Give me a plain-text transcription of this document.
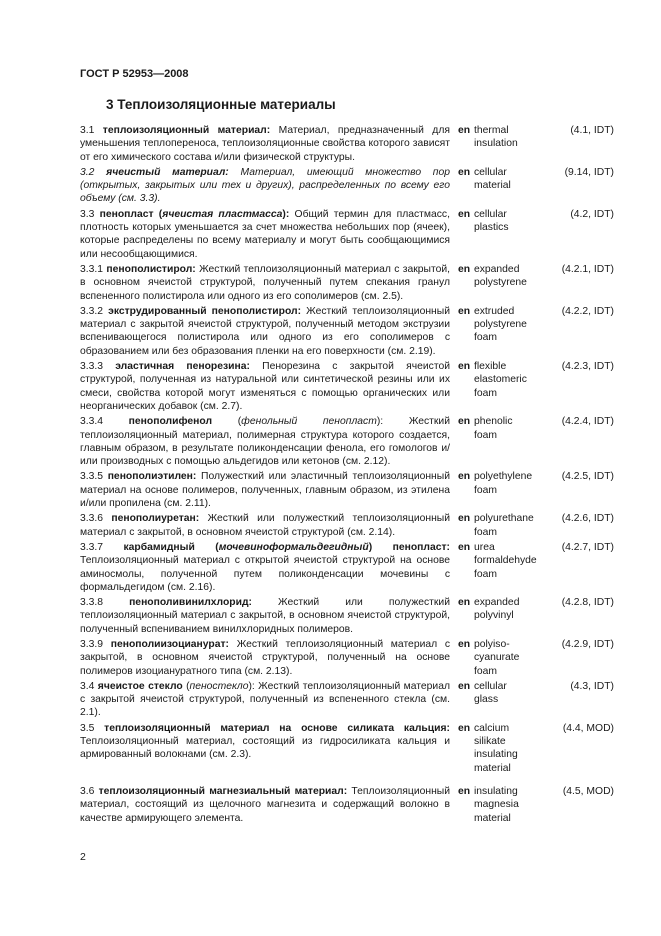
ГОСТ Р 52953—2008
3 Теплоизоляционные материалы
3.1 теплоизоляционный материал: Материал, предназначенный для уменьшения теплопереноса, теплоизоляционные свойства которого зависят от его химического состава и/или физической структуры.
en thermal
insulation
(4.1, IDT)
3.2 ячеистый материал: Материал, имеющий множество пор (открытых, закрытых или тех и других), распределенных по всему его объему (см. 3.3).
en cellular
material
(9.14, IDT)
3.3 пенопласт (ячеистая пластмасса): Общий термин для пластмасс, плотность которых уменьшается за счет множества небольших пор (ячеек), которые распределены по всему материалу и могут быть сообщающимися или несообщающимися.
en cellular
plastics
(4.2, IDT)
3.3.1 пенополистирол: Жесткий теплоизоляционный материал с закрытой, в основном ячеистой структурой, полученный путем спекания гранул вспененного полистирола или одного из его сополимеров (см. 2.5).
en expanded
polystyrene
(4.2.1, IDT)
3.3.2 экструдированный пенополистирол: Жесткий теплоизоляционный материал с закрытой ячеистой структурой, полученный методом экструзии вспенивающегося полистирола или одного из его сополимеров с образованием или без образования пленки на его поверхности (см. 2.19).
en extruded
polystyrene
foam
(4.2.2, IDT)
3.3.3 эластичная пенорезина: Пенорезина с закрытой ячеистой структурой, полученная из натуральной или синтетической резины или их смеси, свойства которой могут изменяться с помощью органических или неорганических добавок (см. 2.7).
en flexible
elastomeric
foam
(4.2.3, IDT)
3.3.4 пенополифенол (фенольный пенопласт): Жесткий теплоизоляционный материал, полимерная структура которого создается, главным образом, в результате поликонденсации фенола, его гомологов и/или производных с помощью альдегидов или кетонов (см. 2.12).
en phenolic
foam
(4.2.4, IDT)
3.3.5 пенополиэтилен: Полужесткий или эластичный теплоизоляционный материал на основе полимеров, полученных, главным образом, из этилена и/или пропилена (см. 2.11).
en polyethylene
foam
(4.2.5, IDT)
3.3.6 пенополиуретан: Жесткий или полужесткий теплоизоляционный материал с закрытой, в основном ячеистой структурой (см. 2.14).
en polyurethane
foam
(4.2.6, IDT)
3.3.7 карбамидный (мочевиноформальдегидный) пенопласт: Теплоизоляционный материал с открытой ячеистой структурой на основе аминосмолы, полученной путем поликонденсации мочевины с формальдегидом (см. 2.16).
en urea
formaldehyde
foam
(4.2.7, IDT)
3.3.8 пенополивинилхлорид: Жесткий или полужесткий теплоизоляционный материал с закрытой, в основном ячеистой структурой, полученный вспениванием винилхлоридных полимеров.
en expanded
polyvinyl
(4.2.8, IDT)
3.3.9 пенополиизоцианурат: Жесткий теплоизоляционный материал с закрытой, в основном ячеистой структурой, полученный на основе полимеров изоциануратного типа (см. 2.13).
en polyiso-
cyanurate
foam
(4.2.9, IDT)
3.4 ячеистое стекло (пеностекло): Жесткий теплоизоляционный материал с закрытой ячеистой структурой, полученный из вспененного стекла (см. 2.1).
en cellular
glass
(4.3, IDT)
3.5 теплоизоляционный материал на основе силиката кальция: Теплоизоляционный материал, состоящий из гидросиликата кальция и армированный волокнами (см. 2.3).
en calcium
silikate
insulating
material
(4.4, MOD)
3.6 теплоизоляционный магнезиальный материал: Теплоизоляционный материал, состоящий из щелочного магнезита и содержащий волокно в качестве армирующего элемента.
en insulating
magnesia
material
(4.5, MOD)
2
